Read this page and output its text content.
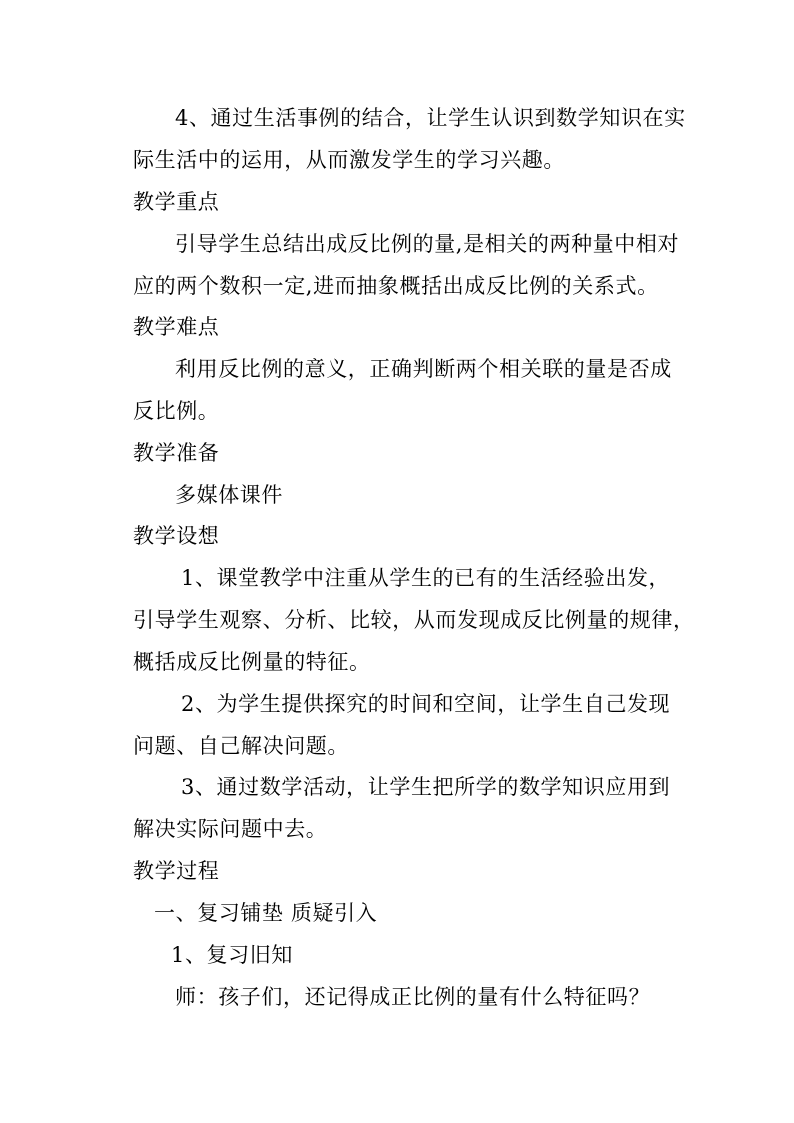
4、通过生活事例的结合，让学生认识到数学知识在实
际生活中的运用，从而激发学生的学习兴趣。
教学重点
引导学生总结出成反比例的量,是相关的两种量中相对
应的两个数积一定,进而抽象概括出成反比例的关系式。
教学难点
利用反比例的意义，正确判断两个相关联的量是否成
反比例。
教学准备
多媒体课件
教学设想
1、课堂教学中注重从学生的已有的生活经验出发，
引导学生观察、分析、比较，从而发现成反比例量的规律，
概括成反比例量的特征。
2、为学生提供探究的时间和空间，让学生自己发现
问题、自己解决问题。
3、通过数学活动，让学生把所学的数学知识应用到
解决实际问题中去。
教学过程
一、复习铺垫 质疑引入
1、复习旧知
师：孩子们，还记得成正比例的量有什么特征吗？
